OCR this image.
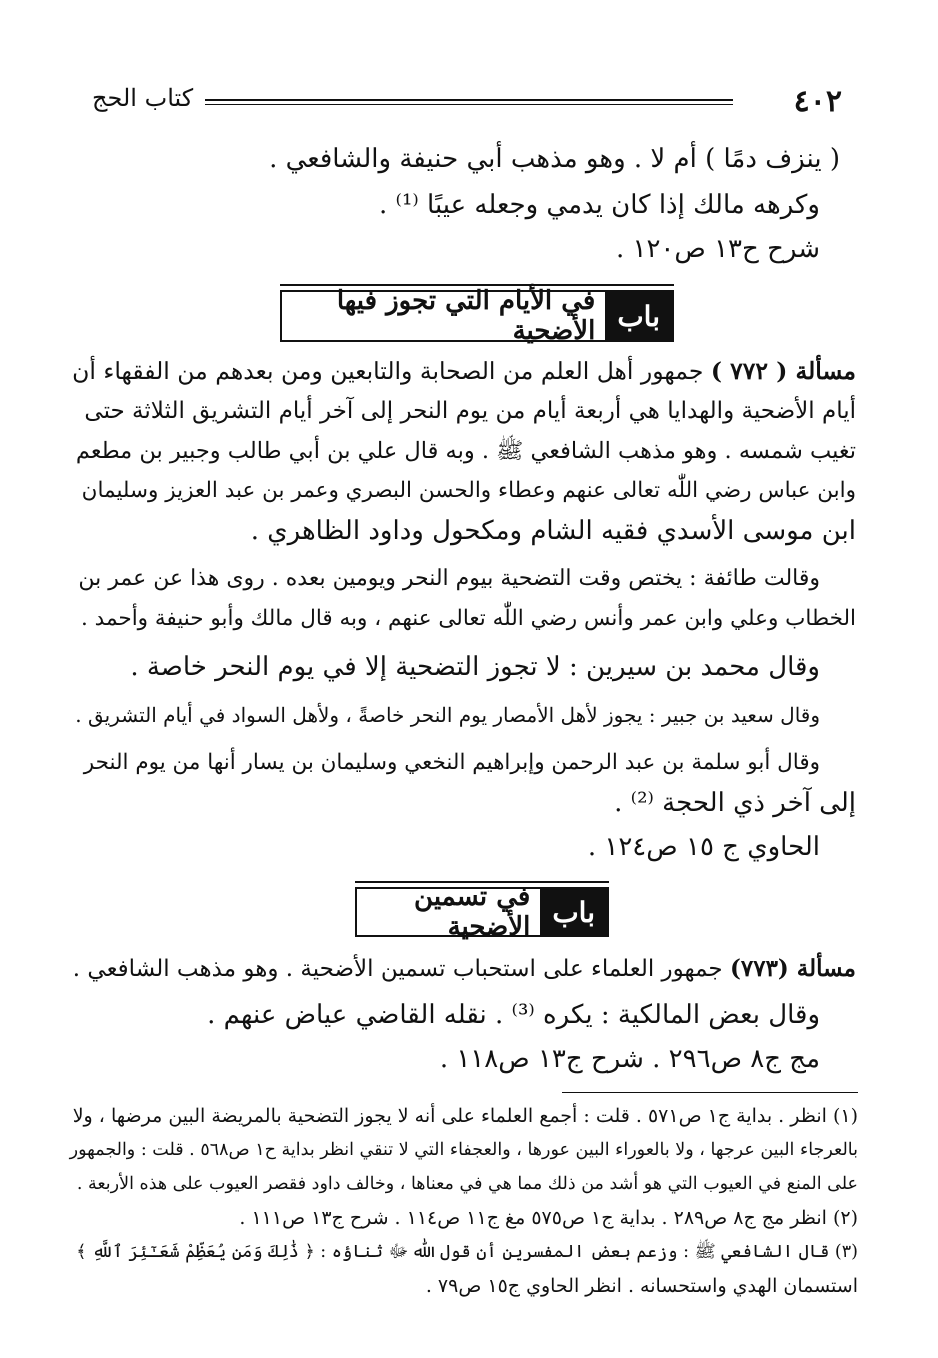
٤٠٢
كتاب الحج
( ينزف دمًا ) أم لا . وهو مذهب أبي حنيفة والشافعي .
وكرهه مالك إذا كان يدمي وجعله عيبًا ⁽¹⁾ .
شرح ح١٣ ص١٢٠ .
باب
في الأيام التي تجوز فيها الأضحية
مسألة ( ٧٧٢ ) جمهور أهل العلم من الصحابة والتابعين ومن بعدهم من الفقهاء أن
أيام الأضحية والهدايا هي أربعة أيام من يوم النحر إلى آخر أيام التشريق الثلاثة حتى
تغيب شمسه . وهو مذهب الشافعي ﷺ . وبه قال علي بن أبي طالب وجبير بن مطعم
وابن عباس رضي اللّٰه تعالى عنهم وعطاء والحسن البصري وعمر بن عبد العزيز وسليمان
ابن موسى الأسدي فقيه الشام ومكحول وداود الظاهري .
وقالت طائفة : يختص وقت التضحية بيوم النحر ويومين بعده . روى هذا عن عمر بن
الخطاب وعلي وابن عمر وأنس رضي اللّٰه تعالى عنهم ، وبه قال مالك وأبو حنيفة وأحمد .
وقال محمد بن سيرين : لا تجوز التضحية إلا في يوم النحر خاصة .
وقال سعيد بن جبير : يجوز لأهل الأمصار يوم النحر خاصةً ، ولأهل السواد في أيام التشريق .
وقال أبو سلمة بن عبد الرحمن وإبراهيم النخعي وسليمان بن يسار أنها من يوم النحر
إلى آخر ذي الحجة ⁽²⁾ .
الحاوي ج ١٥ ص١٢٤ .
باب
في تسمين الأضحية
مسألة (٧٧٣) جمهور العلماء على استحباب تسمين الأضحية . وهو مذهب الشافعي .
وقال بعض المالكية : يكره ⁽³⁾ . نقله القاضي عياض عنهم .
مج ج٨ ص٢٩٦ . شرح ج١٣ ص١١٨ .
(١) انظر . بداية ج١ ص٥٧١ . قلت : أجمع العلماء على أنه لا يجوز التضحية بالمريضة البين مرضها ، ولا
بالعرجاء البين عرجها ، ولا بالعوراء البين عورها ، والعجفاء التي لا تنقي انظر بداية ح١ ص٥٦٨ . قلت : والجمهور
على المنع في العيوب التي هو أشد من ذلك مما هي في معناها ، وخالف داود فقصر العيوب على هذه الأربعة .
(٢) انظر مج ج٨ ص٢٨٩ . بداية ج١ ص٥٧٥ مغ ج١١ ص١١٤ . شرح ج١٣ ص١١١ .
(٣) قال الشافعي ﷺ : وزعم بعض المفسرين أن قول اللّٰه ﷻ ثناؤه : ﴿ ذَٰلِكَ وَمَن يُعَظِّمْ شَعَـٰٓئِرَ ٱللَّهِ ﴾
استسمان الهدي واستحسانه . انظر الحاوي ج١٥ ص٧٩ .
